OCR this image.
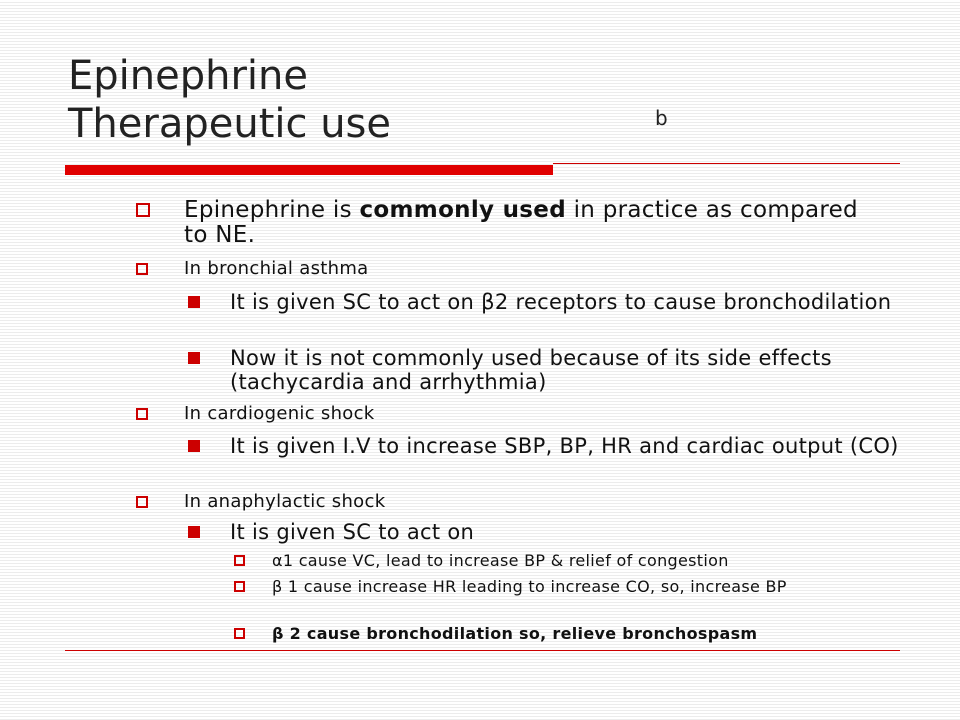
Epinephrine
Therapeutic use	b
Epinephrine is commonly used in practice as compared to NE.
In bronchial asthma
It is given SC to act on β2 receptors to cause bronchodilation
Now it is not commonly used because of its side effects (tachycardia and arrhythmia)
In cardiogenic shock
It is given I.V to increase SBP, BP, HR and cardiac output (CO)
In anaphylactic shock
It is given SC to act on
α1 cause VC, lead to increase BP & relief of congestion
β 1 cause increase HR leading to increase CO, so, increase BP
β 2 cause bronchodilation so, relieve bronchospasm
